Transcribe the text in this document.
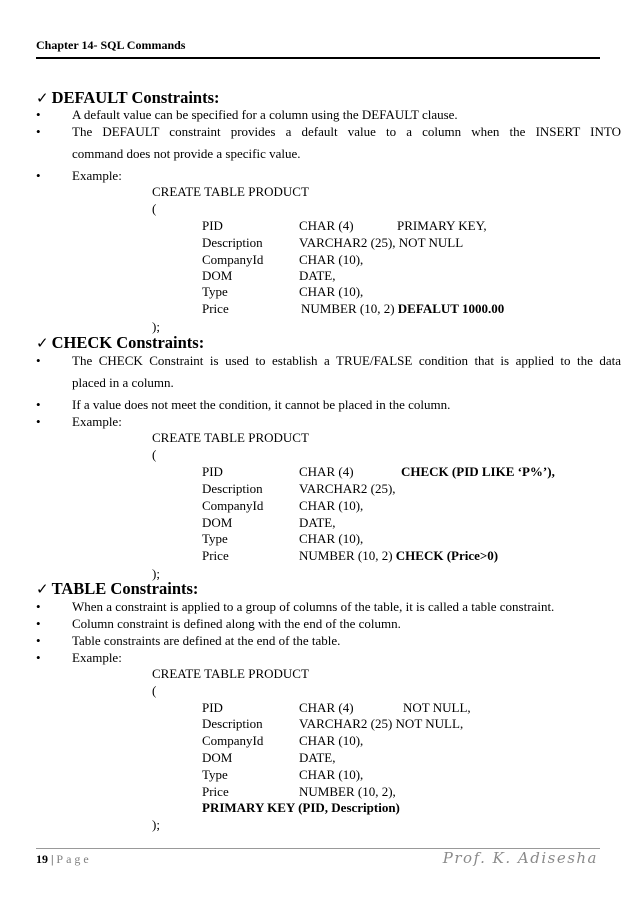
Chapter 14- SQL Commands
✓ DEFAULT Constraints:
• A default value can be specified for a column using the DEFAULT clause.
• The DEFAULT constraint provides a default value to a column when the INSERT INTO
command does not provide a specific value.
• Example:
CREATE TABLE PRODUCT
(
PID	CHAR (4)	PRIMARY KEY,
Description	VARCHAR2 (25), NOT NULL
CompanyId	CHAR (10),
DOM	DATE,
Type	CHAR (10),
Price	NUMBER (10, 2) DEFALUT 1000.00
);
✓ CHECK Constraints:
• The CHECK Constraint is used to establish a TRUE/FALSE condition that is applied to the data
placed in a column.
• If a value does not meet the condition, it cannot be placed in the column.
• Example:
CREATE TABLE PRODUCT
(
PID	CHAR (4)	CHECK (PID LIKE ‘P%’),
Description	VARCHAR2 (25),
CompanyId	CHAR (10),
DOM	DATE,
Type	CHAR (10),
Price	NUMBER (10, 2) CHECK (Price>0)
);
✓ TABLE Constraints:
• When a constraint is applied to a group of columns of the table, it is called a table constraint.
• Column constraint is defined along with the end of the column.
• Table constraints are defined at the end of the table.
• Example:
CREATE TABLE PRODUCT
(
PID	CHAR (4)	NOT NULL,
Description	VARCHAR2 (25) NOT NULL,
CompanyId	CHAR (10),
DOM	DATE,
Type	CHAR (10),
Price	NUMBER (10, 2),
PRIMARY KEY (PID, Description)
);
19 | Page	Prof. K. Adisesha
